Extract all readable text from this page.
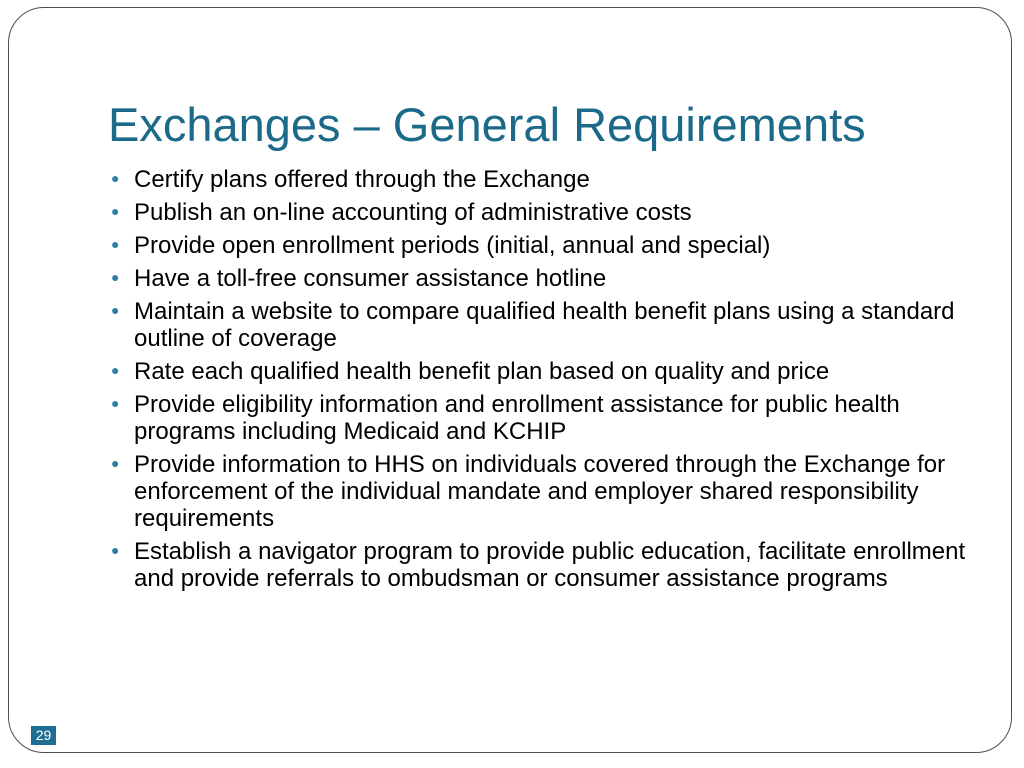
Exchanges – General Requirements
● Certify plans offered through the Exchange
● Publish an on-line accounting of administrative costs
● Provide open enrollment periods (initial, annual and special)
● Have a toll-free consumer assistance hotline
● Maintain a website to compare qualified health benefit plans using a standard outline of coverage
● Rate each qualified health benefit plan based on quality and price
● Provide eligibility information and enrollment assistance for public health programs including Medicaid and KCHIP
● Provide information to HHS on individuals covered through the Exchange for enforcement of the individual mandate and employer shared responsibility requirements
● Establish a navigator program to provide public education, facilitate enrollment and provide referrals to ombudsman or consumer assistance programs
29
